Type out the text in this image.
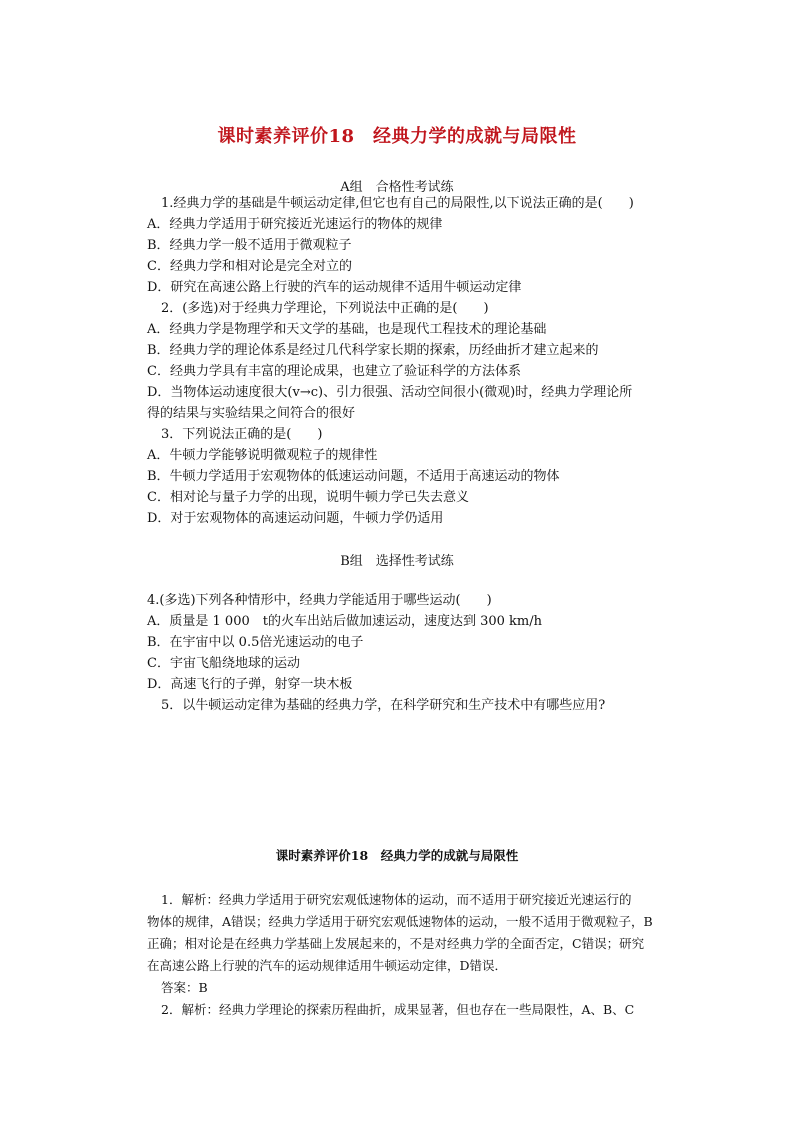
课时素养评价18　经典力学的成就与局限性
A组　合格性考试练
1.经典力学的基础是牛顿运动定律,但它也有自己的局限性,以下说法正确的是(　　)
A．经典力学适用于研究接近光速运行的物体的规律
B．经典力学一般不适用于微观粒子
C．经典力学和相对论是完全对立的
D．研究在高速公路上行驶的汽车的运动规律不适用牛顿运动定律
2．(多选)对于经典力学理论，下列说法中正确的是(　　)
A．经典力学是物理学和天文学的基础，也是现代工程技术的理论基础
B．经典力学的理论体系是经过几代科学家长期的探索，历经曲折才建立起来的
C．经典力学具有丰富的理论成果，也建立了验证科学的方法体系
D．当物体运动速度很大(v→c)、引力很强、活动空间很小(微观)时，经典力学理论所
得的结果与实验结果之间符合的很好
3．下列说法正确的是(　　)
A．牛顿力学能够说明微观粒子的规律性
B．牛顿力学适用于宏观物体的低速运动问题，不适用于高速运动的物体
C．相对论与量子力学的出现，说明牛顿力学已失去意义
D．对于宏观物体的高速运动问题，牛顿力学仍适用
B组　选择性考试练
4.(多选)下列各种情形中，经典力学能适用于哪些运动(　　)
A．质量是 1 000　t的火车出站后做加速运动，速度达到 300 km/h
B．在宇宙中以 0.5倍光速运动的电子
C．宇宙飞船绕地球的运动
D．高速飞行的子弹，射穿一块木板
5．以牛顿运动定律为基础的经典力学，在科学研究和生产技术中有哪些应用?
课时素养评价18　经典力学的成就与局限性
1．解析：经典力学适用于研究宏观低速物体的运动，而不适用于研究接近光速运行的
物体的规律，A错误；经典力学适用于研究宏观低速物体的运动，一般不适用于微观粒子，B
正确；相对论是在经典力学基础上发展起来的，不是对经典力学的全面否定，C错误；研究
在高速公路上行驶的汽车的运动规律适用牛顿运动定律，D错误．
答案：B
2．解析：经典力学理论的探索历程曲折，成果显著，但也存在一些局限性，A、B、C
